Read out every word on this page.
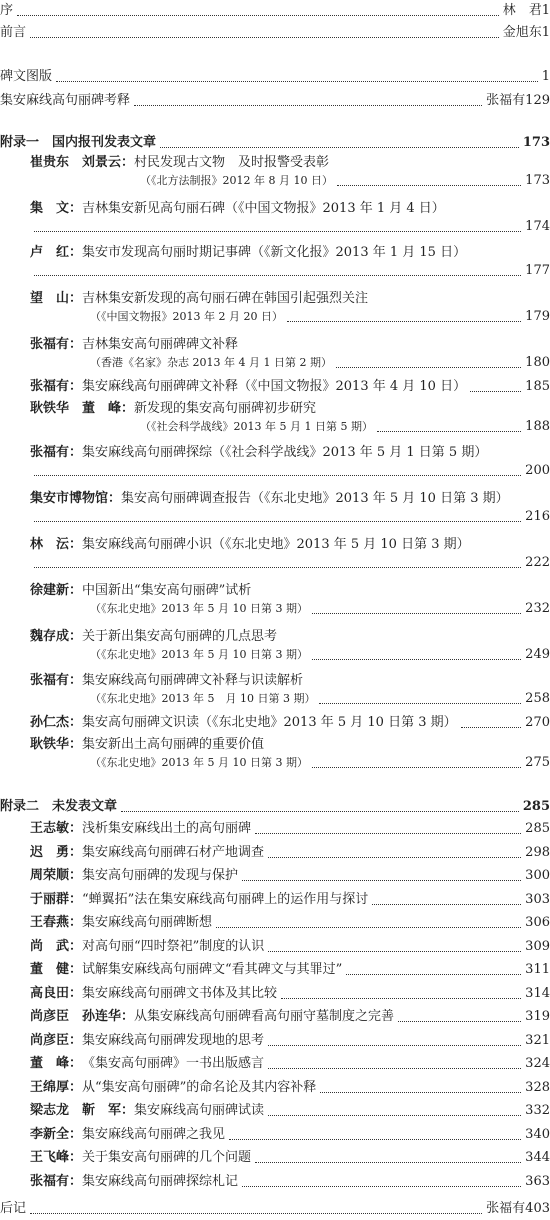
序	林　君 1
前言	金旭东 1
碑文图版	1
集安麻线高句丽碑考释	张福有 129
附录一　国内报刊发表文章	173
崔贵东　刘景云：村民发现古文物　及时报警受表彰
（《北方法制报》2012 年 8 月 10 日）	173
集　文：吉林集安新见高句丽石碑（《中国文物报》2013 年 1 月 4 日）
174
卢　红：集安市发现高句丽时期记事碑（《新文化报》2013 年 1 月 15 日）
177
望　山：吉林集安新发现的高句丽石碑在韩国引起强烈关注
（《中国文物报》2013 年 2 月 20 日）	179
张福有：吉林集安高句丽碑碑文补释
（香港《名家》杂志 2013 年 4 月 1 日第 2 期）	180
张福有： 集安麻线高句丽碑碑文补释（《中国文物报》2013 年 4 月 10 日）	185
耿铁华　董　峰：新发现的集安高句丽碑初步研究
（《社会科学战线》2013 年 5 月 1 日第 5 期）	188
张福有：集安麻线高句丽碑探综（《社会科学战线》2013 年 5 月 1 日第 5 期）
200
集安市博物馆：集安高句丽碑调查报告（《东北史地》2013 年 5 月 10 日第 3 期）
216
林　沄：集安麻线高句丽碑小识（《东北史地》2013 年 5 月 10 日第 3 期）
222
徐建新：中国新出“集安高句丽碑”试析
（《东北史地》2013 年 5 月 10 日第 3 期）	232
魏存成：关于新出集安高句丽碑的几点思考
（《东北史地》2013 年 5 月 10 日第 3 期）	249
张福有：集安麻线高句丽碑碑文补释与识读解析
（《东北史地》2013 年 5　月 10 日第 3 期）	258
孙仁杰： 集安高句丽碑文识读（《东北史地》2013 年 5 月 10 日第 3 期）	270
耿铁华：集安新出土高句丽碑的重要价值
（《东北史地》2013 年 5 月 10 日第 3 期）	275
附录二　未发表文章	285
王志敏： 浅析集安麻线出土的高句丽碑	285
迟　勇： 集安麻线高句丽碑石材产地调查	298
周荣顺： 集安高句丽碑的发现与保护	300
于丽群： “蝉翼拓”法在集安麻线高句丽碑上的运作用与探讨	303
王春燕： 集安麻线高句丽碑断想	306
尚　武： 对高句丽“四时祭祀”制度的认识	309
董　健： 试解集安麻线高句丽碑文“看其碑文与其罪过”	311
高良田： 集安麻线高句丽碑文书体及其比较	314
尚彦臣　孙连华： 从集安麻线高句丽碑看高句丽守墓制度之完善	319
尚彦臣： 集安麻线高句丽碑发现地的思考	321
董　峰： 《集安高句丽碑》一书出版感言	324
王绵厚： 从“集安高句丽碑”的命名论及其内容补释	328
梁志龙　靳　军： 集安麻线高句丽碑试读	332
李新全： 集安麻线高句丽碑之我见	340
王飞峰： 关于集安高句丽碑的几个问题	344
张福有： 集安麻线高句丽碑探综札记	363
后记	张福有 403
